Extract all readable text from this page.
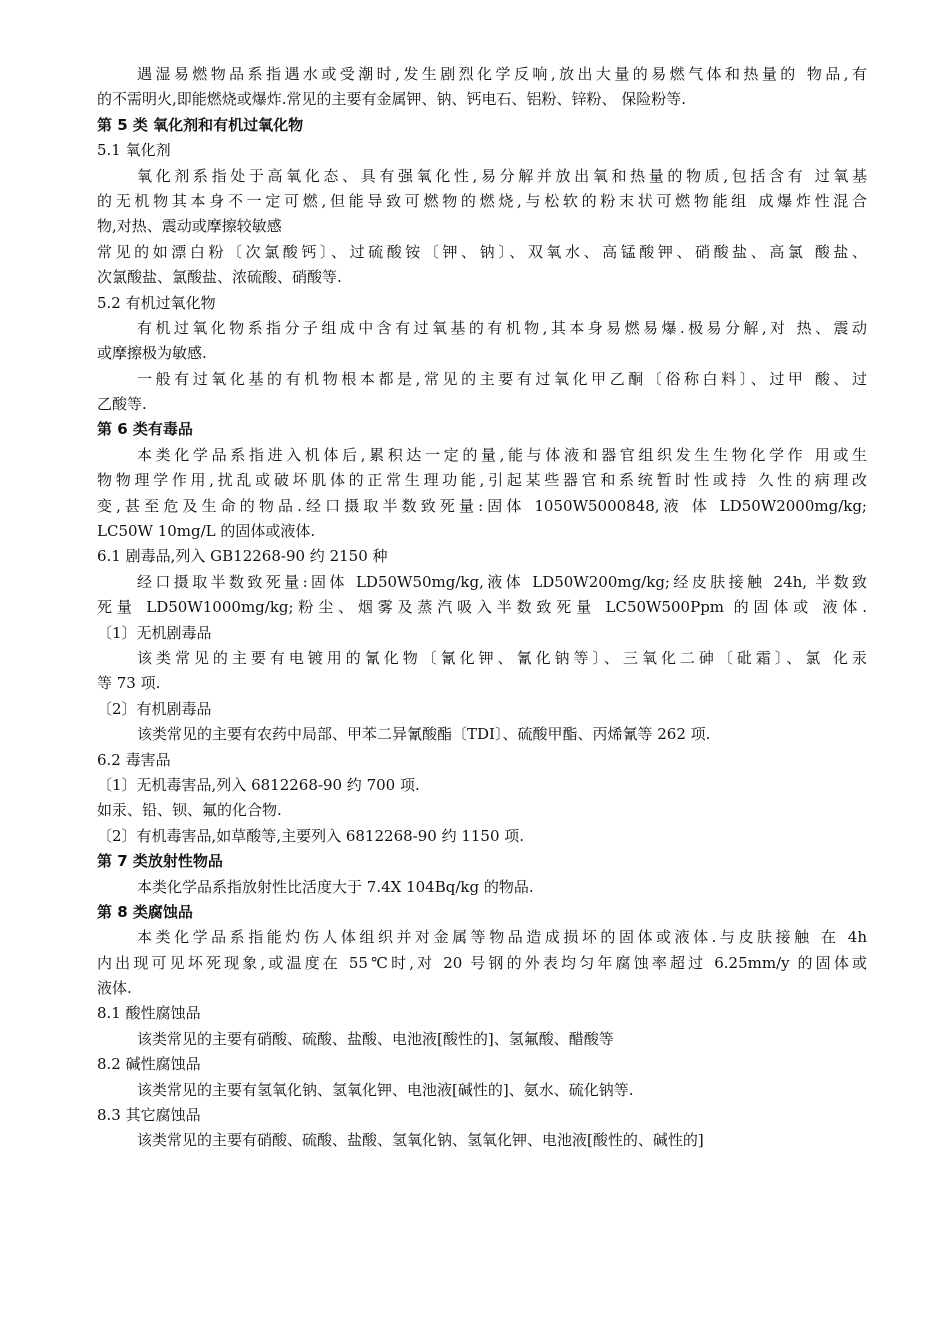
遇湿易燃物品系指遇水或受潮时,发生剧烈化学反响,放出大量的易燃气体和热量的 物品,有
的不需明火,即能燃烧或爆炸.常见的主要有金属钾、钠、钙电石、铝粉、锌粉、 保险粉等.
第 5 类 氧化剂和有机过氧化物
5.1 氧化剂
氧化剂系指处于高氧化态、具有强氧化性,易分解并放出氧和热量的物质,包括含有 过氧基
的无机物其本身不一定可燃,但能导致可燃物的燃烧,与松软的粉末状可燃物能组 成爆炸性混合
物,对热、震动或摩擦较敏感
常见的如漂白粉〔次氯酸钙〕、过硫酸铵〔钾、钠〕、双氧水、高锰酸钾、硝酸盐、高氯 酸盐、
次氯酸盐、氯酸盐、浓硫酸、硝酸等.
5.2 有机过氧化物
有机过氧化物系指分子组成中含有过氧基的有机物,其本身易燃易爆.极易分解,对 热、震动
或摩擦极为敏感.
一般有过氧化基的有机物根本都是,常见的主要有过氧化甲乙酮〔俗称白料〕、过甲 酸、过
乙酸等.
第 6 类有毒品
本类化学品系指进入机体后,累积达一定的量,能与体液和器官组织发生生物化学作 用或生
物物理学作用,扰乱或破坏肌体的正常生理功能,引起某些器官和系统暂时性或持 久性的病理改
变,甚至危及生命的物品.经口摄取半数致死量:固体 1050W5000848,液 体 LD50W2000mg/kg;
LC50W 10mg/L 的固体或液体.
6.1 剧毒品,列入 GB12268-90 约 2150 种
经口摄取半数致死量:固体 LD50W50mg/kg,液体 LD50W200mg/kg;经皮肤接触 24h, 半数致
死量 LD50W1000mg/kg;粉尘、烟雾及蒸汽吸入半数致死量 LC50W500Ppm 的固体或 液体.
〔1〕无机剧毒品
该类常见的主要有电镀用的氰化物〔氰化钾、氰化钠等〕、三氧化二砷〔砒霜〕、氯 化汞
等 73 项.
〔2〕有机剧毒品
该类常见的主要有农药中局部、甲苯二异氰酸酯〔TDI〕、硫酸甲酯、丙烯氰等 262 项.
6.2 毒害品
〔1〕无机毒害品,列入 6812268-90 约 700 项.
如汞、铅、钡、氟的化合物.
〔2〕有机毒害品,如草酸等,主要列入 6812268-90 约 1150 项.
第 7 类放射性物品
本类化学品系指放射性比活度大于 7.4X 104Bq/kg 的物品.
第 8 类腐蚀品
本类化学品系指能灼伤人体组织并对金属等物品造成损坏的固体或液体.与皮肤接触 在 4h
内出现可见坏死现象,或温度在 55℃时,对 20 号钢的外表均匀年腐蚀率超过 6.25mm/y 的固体或
液体.
8.1 酸性腐蚀品
该类常见的主要有硝酸、硫酸、盐酸、电池液[酸性的]、氢氟酸、醋酸等
8.2 碱性腐蚀品
该类常见的主要有氢氧化钠、氢氧化钾、电池液[碱性的]、氨水、硫化钠等.
8.3 其它腐蚀品
该类常见的主要有硝酸、硫酸、盐酸、氢氧化钠、氢氧化钾、电池液[酸性的、碱性的]
